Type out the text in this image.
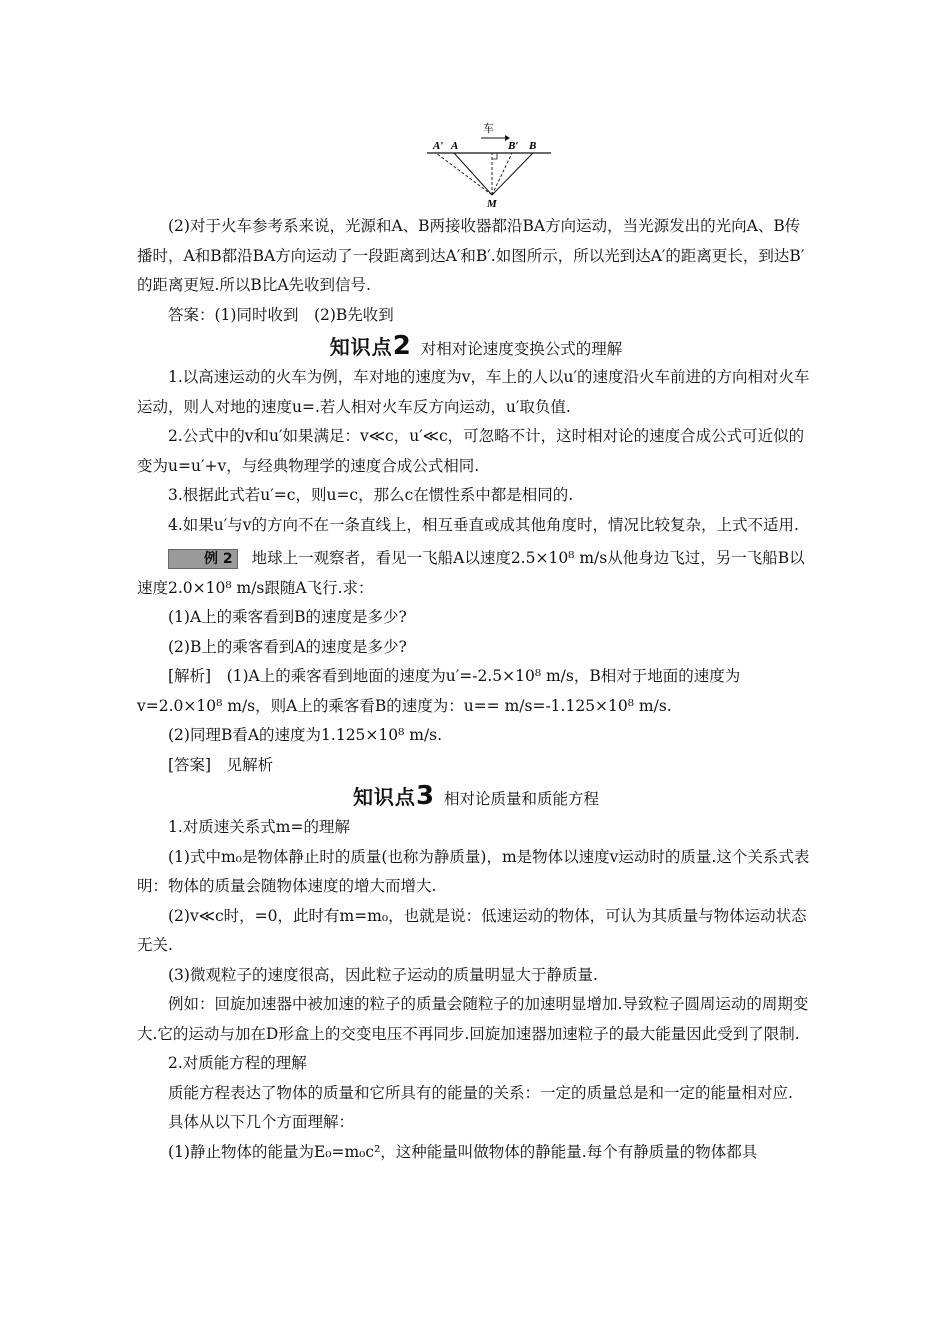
车
A′ A	B′ B
M

(2)对于火车参考系来说，光源和A、B两接收器都沿BA方向运动，当光源发出的光向A、B传播时，A和B都沿BA方向运动了一段距离到达A′和B′.如图所示，所以光到达A′的距离更长，到达B′的距离更短.所以B比A先收到信号.

答案：(1)同时收到　(2)B先收到

知识点2 对相对论速度变换公式的理解

1.以高速运动的火车为例，车对地的速度为v，车上的人以u′的速度沿火车前进的方向相对火车运动，则人对地的速度u=.若人相对火车反方向运动，u′取负值.

2.公式中的v和u′如果满足：v≪c，u′≪c，可忽略不计，这时相对论的速度合成公式可近似的变为u=u′+v，与经典物理学的速度合成公式相同.

3.根据此式若u′=c，则u=c，那么c在惯性系中都是相同的.

4.如果u′与v的方向不在一条直线上，相互垂直或成其他角度时，情况比较复杂，上式不适用.

例 2 地球上一观察者，看见一飞船A以速度2.5×10⁸ m/s从他身边飞过，另一飞船B以速度2.0×10⁸ m/s跟随A飞行.求：

(1)A上的乘客看到B的速度是多少?

(2)B上的乘客看到A的速度是多少?

[解析]　(1)A上的乘客看到地面的速度为u′=-2.5×10⁸ m/s，B相对于地面的速度为v=2.0×10⁸ m/s，则A上的乘客看B的速度为：u== m/s=-1.125×10⁸ m/s.

(2)同理B看A的速度为1.125×10⁸ m/s.

[答案]　见解析

知识点3 相对论质量和质能方程

1.对质速关系式m=的理解

(1)式中m₀是物体静止时的质量(也称为静质量)，m是物体以速度v运动时的质量.这个关系式表明：物体的质量会随物体速度的增大而增大.

(2)v≪c时，=0，此时有m=m₀，也就是说：低速运动的物体，可认为其质量与物体运动状态无关.

(3)微观粒子的速度很高，因此粒子运动的质量明显大于静质量.

例如：回旋加速器中被加速的粒子的质量会随粒子的加速明显增加.导致粒子圆周运动的周期变大.它的运动与加在D形盒上的交变电压不再同步.回旋加速器加速粒子的最大能量因此受到了限制.

2.对质能方程的理解

质能方程表达了物体的质量和它所具有的能量的关系：一定的质量总是和一定的能量相对应.

具体从以下几个方面理解：

(1)静止物体的能量为E₀=m₀c²，这种能量叫做物体的静能量.每个有静质量的物体都具
